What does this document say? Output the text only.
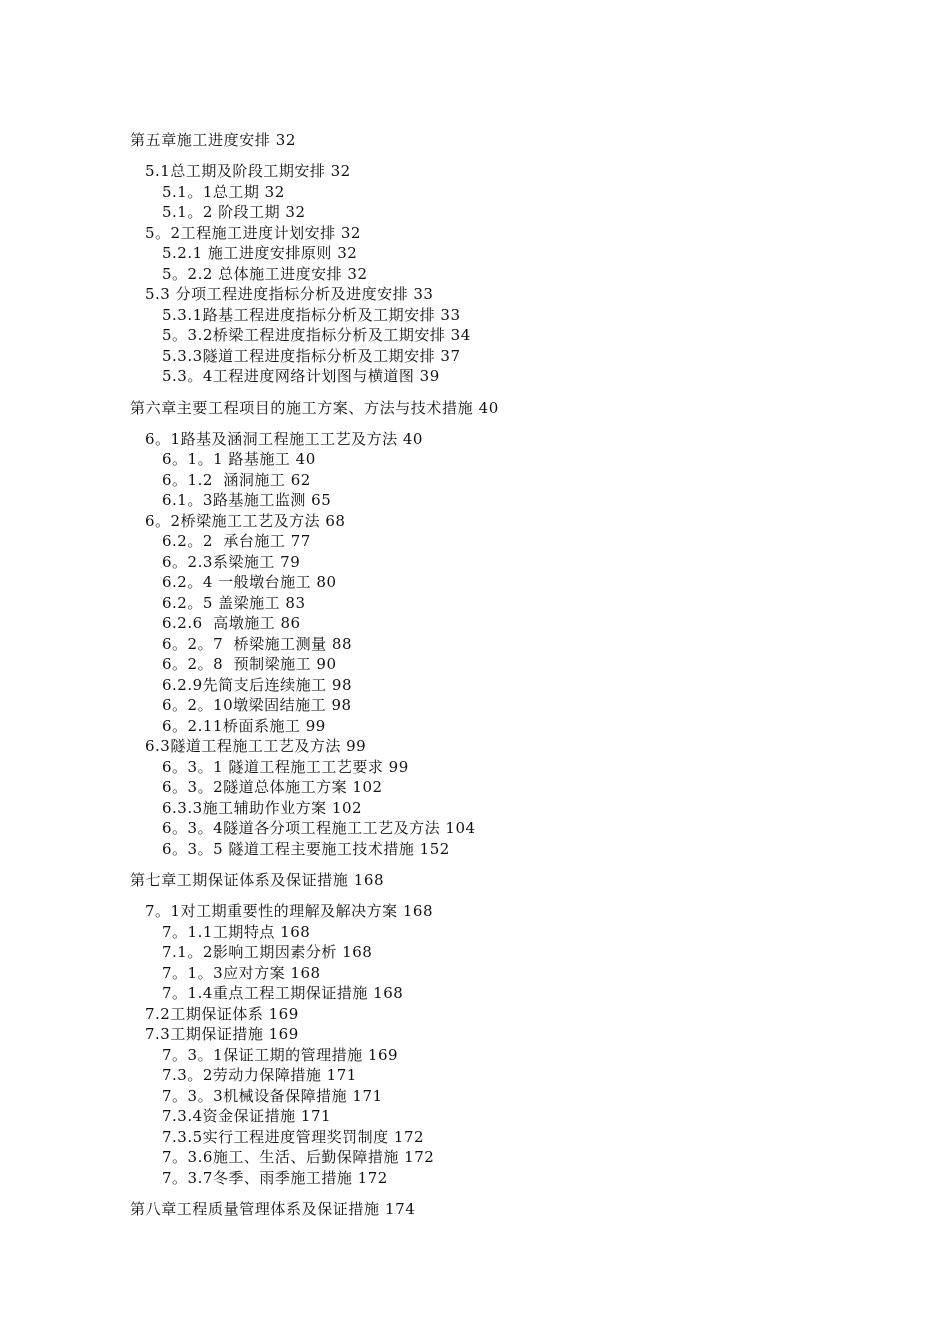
第五章施工进度安排 32
5.1总工期及阶段工期安排 32
5.1。1总工期 32
5.1。2 阶段工期 32
5。2工程施工进度计划安排 32
5.2.1 施工进度安排原则 32
5。2.2 总体施工进度安排 32
5.3 分项工程进度指标分析及进度安排 33
5.3.1路基工程进度指标分析及工期安排 33
5。3.2桥梁工程进度指标分析及工期安排 34
5.3.3隧道工程进度指标分析及工期安排 37
5.3。4工程进度网络计划图与横道图 39
第六章主要工程项目的施工方案、方法与技术措施 40
6。1路基及涵洞工程施工工艺及方法 40
6。1。1 路基施工 40
6。1.2  涵洞施工 62
6.1。3路基施工监测 65
6。2桥梁施工工艺及方法 68
6.2。2  承台施工 77
6。2.3系梁施工 79
6.2。4 一般墩台施工 80
6.2。5 盖梁施工 83
6.2.6  高墩施工 86
6。2。7  桥梁施工测量 88
6。2。8  预制梁施工 90
6.2.9先简支后连续施工 98
6。2。10墩梁固结施工 98
6。2.11桥面系施工 99
6.3隧道工程施工工艺及方法 99
6。3。1 隧道工程施工工艺要求 99
6。3。2隧道总体施工方案 102
6.3.3施工辅助作业方案 102
6。3。4隧道各分项工程施工工艺及方法 104
6。3。5 隧道工程主要施工技术措施 152
第七章工期保证体系及保证措施 168
7。1对工期重要性的理解及解决方案 168
7。1.1工期特点 168
7.1。2影响工期因素分析 168
7。1。3应对方案 168
7。1.4重点工程工期保证措施 168
7.2工期保证体系 169
7.3工期保证措施 169
7。3。1保证工期的管理措施 169
7.3。2劳动力保障措施 171
7。3。3机械设备保障措施 171
7.3.4资金保证措施 171
7.3.5实行工程进度管理奖罚制度 172
7。3.6施工、生活、后勤保障措施 172
7。3.7冬季、雨季施工措施 172
第八章工程质量管理体系及保证措施 174
